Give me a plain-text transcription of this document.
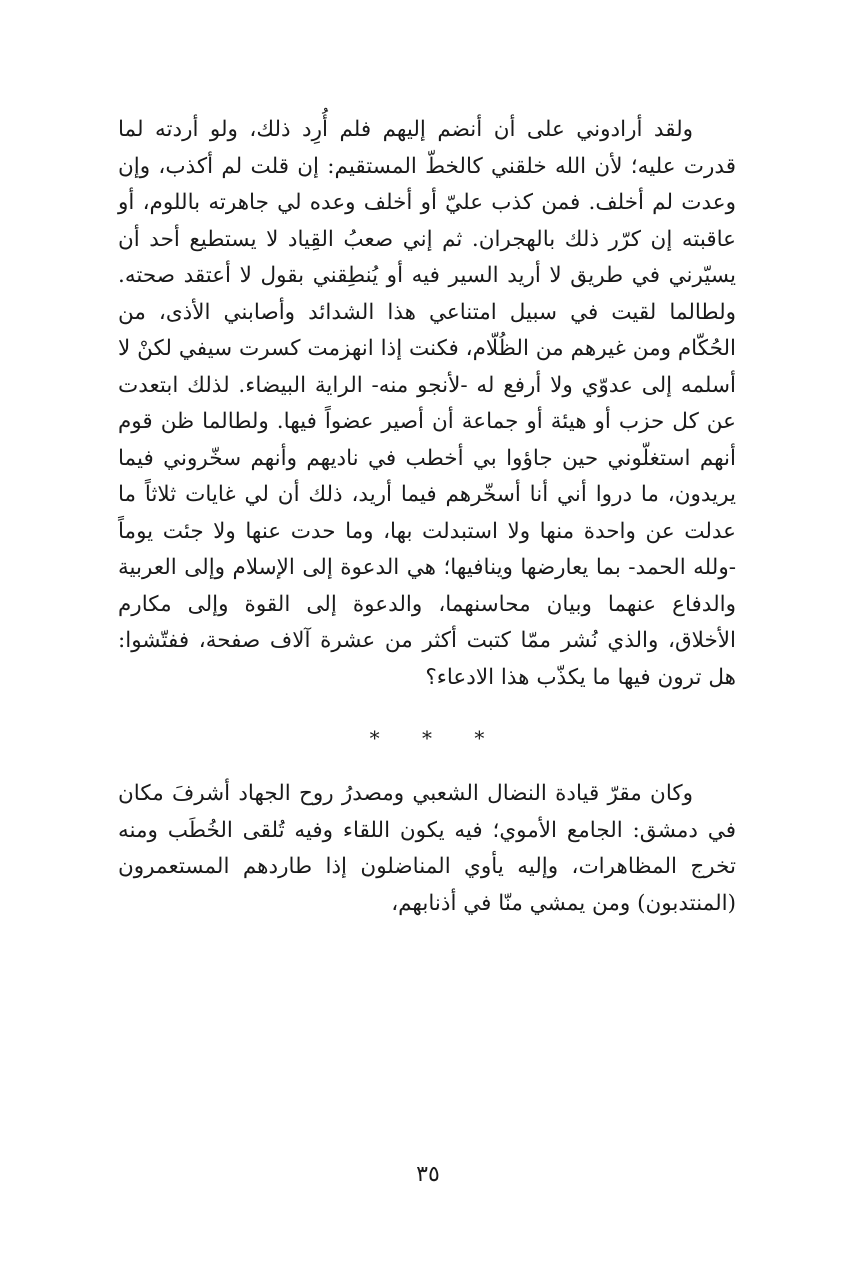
ولقد أرادوني على أن أنضم إليهم فلم أُرِد ذلك، ولو أردته لما قدرت عليه؛ لأن الله خلقني كالخطّ المستقيم: إن قلت لم أكذب، وإن وعدت لم أخلف. فمن كذب عليّ أو أخلف وعده لي جاهرته باللوم، أو عاقبته إن كرّر ذلك بالهجران. ثم إني صعبُ القِياد لا يستطيع أحد أن يسيّرني في طريق لا أريد السير فيه أو يُنطِقني بقول لا أعتقد صحته. ولطالما لقيت في سبيل امتناعي هذا الشدائد وأصابني الأذى، من الحُكّام ومن غيرهم من الظُلّام، فكنت إذا انهزمت كسرت سيفي لكنْ لا أسلمه إلى عدوّي ولا أرفع له -لأنجو منه- الراية البيضاء. لذلك ابتعدت عن كل حزب أو هيئة أو جماعة أن أصير عضواً فيها. ولطالما ظن قوم أنهم استغلّوني حين جاؤوا بي أخطب في ناديهم وأنهم سخّروني فيما يريدون، ما دروا أني أنا أسخّرهم فيما أريد، ذلك أن لي غايات ثلاثاً ما عدلت عن واحدة منها ولا استبدلت بها، وما حدت عنها ولا جئت يوماً -ولله الحمد- بما يعارضها وينافيها؛ هي الدعوة إلى الإسلام وإلى العربية والدفاع عنهما وبيان محاسنهما، والدعوة إلى القوة وإلى مكارم الأخلاق، والذي نُشر ممّا كتبت أكثر من عشرة آلاف صفحة، ففتّشوا: هل ترون فيها ما يكذّب هذا الادعاء؟

* * *

وكان مقرّ قيادة النضال الشعبي ومصدرُ روح الجهاد أشرفَ مكان في دمشق: الجامع الأموي؛ فيه يكون اللقاء وفيه تُلقى الخُطَب ومنه تخرج المظاهرات، وإليه يأوي المناضلون إذا طاردهم المستعمرون (المنتدبون) ومن يمشي منّا في أذنابهم،

٣٥
